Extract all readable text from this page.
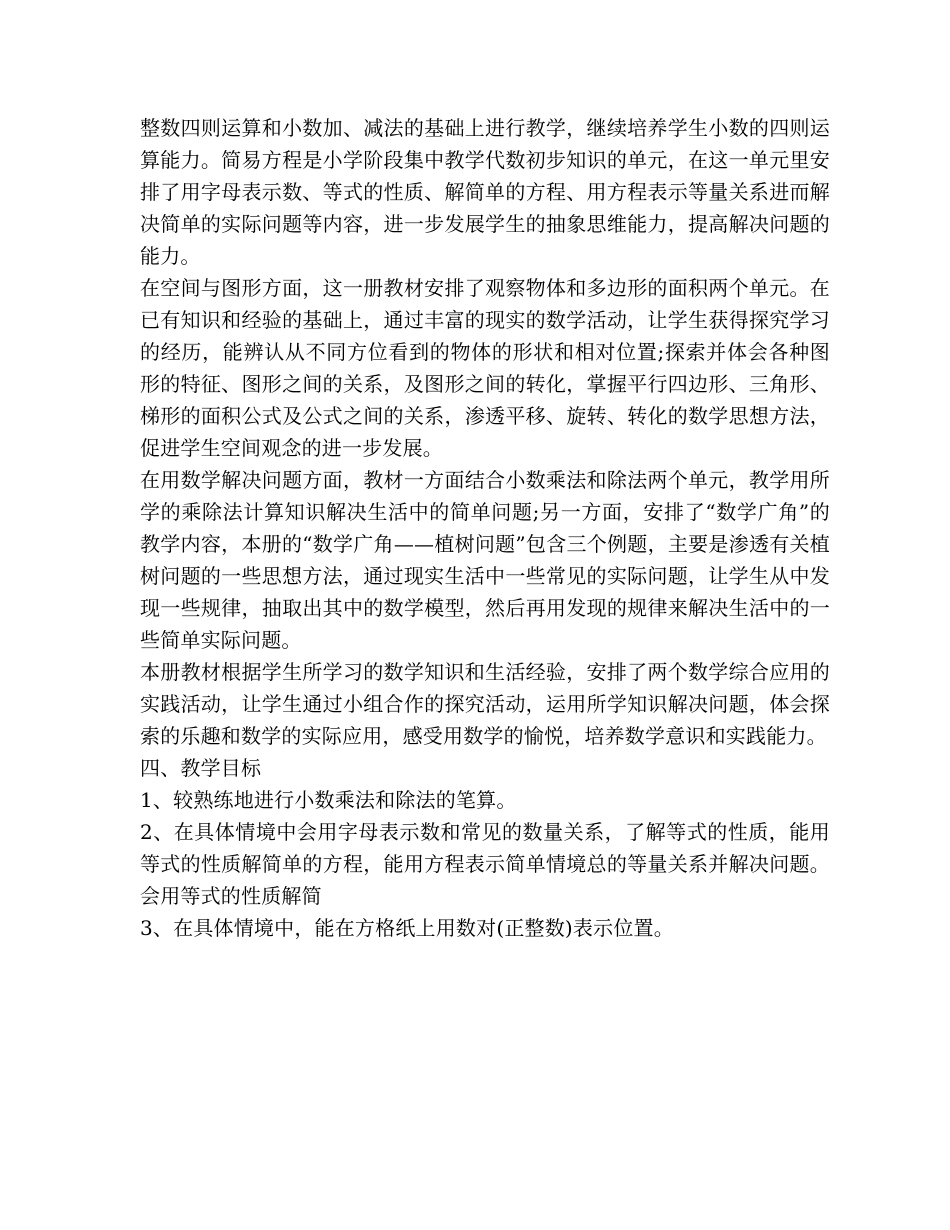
整数四则运算和小数加、减法的基础上进行教学，继续培养学生小数的四则运算能力。简易方程是小学阶段集中教学代数初步知识的单元，在这一单元里安排了用字母表示数、等式的性质、解简单的方程、用方程表示等量关系进而解决简单的实际问题等内容，进一步发展学生的抽象思维能力，提高解决问题的能力。

在空间与图形方面，这一册教材安排了观察物体和多边形的面积两个单元。在已有知识和经验的基础上，通过丰富的现实的数学活动，让学生获得探究学习的经历，能辨认从不同方位看到的物体的形状和相对位置;探索并体会各种图形的特征、图形之间的关系，及图形之间的转化，掌握平行四边形、三角形、梯形的面积公式及公式之间的关系，渗透平移、旋转、转化的数学思想方法，促进学生空间观念的进一步发展。

在用数学解决问题方面，教材一方面结合小数乘法和除法两个单元，教学用所学的乘除法计算知识解决生活中的简单问题;另一方面，安排了“数学广角”的教学内容，本册的“数学广角——植树问题”包含三个例题，主要是渗透有关植树问题的一些思想方法，通过现实生活中一些常见的实际问题，让学生从中发现一些规律，抽取出其中的数学模型，然后再用发现的规律来解决生活中的一些简单实际问题。

本册教材根据学生所学习的数学知识和生活经验，安排了两个数学综合应用的实践活动，让学生通过小组合作的探究活动，运用所学知识解决问题，体会探索的乐趣和数学的实际应用，感受用数学的愉悦，培养数学意识和实践能力。

四、教学目标

1、较熟练地进行小数乘法和除法的笔算。

2、在具体情境中会用字母表示数和常见的数量关系，了解等式的性质，能用等式的性质解简单的方程，能用方程表示简单情境总的等量关系并解决问题。会用等式的性质解简

3、在具体情境中，能在方格纸上用数对(正整数)表示位置。
